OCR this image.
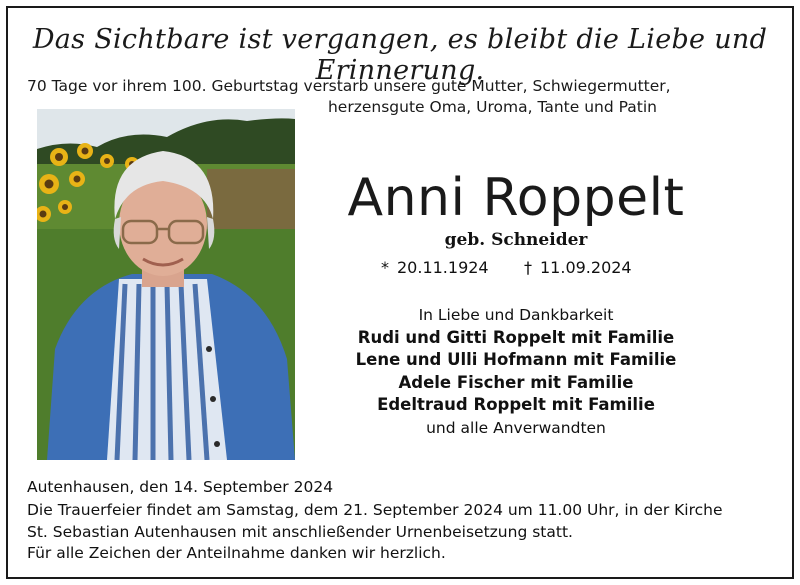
Das Sichtbare ist vergangen, es bleibt die Liebe und Erinnerung.
70 Tage vor ihrem 100. Geburtstag verstarb unsere gute Mutter, Schwiegermutter,
herzensgute Oma, Uroma, Tante und Patin
Anni Roppelt
geb. Schneider
* 20.11.1924 † 11.09.2024
In Liebe und Dankbarkeit
Rudi und Gitti Roppelt mit Familie
Lene und Ulli Hofmann mit Familie
Adele Fischer mit Familie
Edeltraud Roppelt mit Familie
und alle Anverwandten
Autenhausen, den 14. September 2024
Die Trauerfeier findet am Samstag, dem 21. September 2024 um 11.00 Uhr, in der Kirche
St. Sebastian Autenhausen mit anschließender Urnenbeisetzung statt.
Für alle Zeichen der Anteilnahme danken wir herzlich.
